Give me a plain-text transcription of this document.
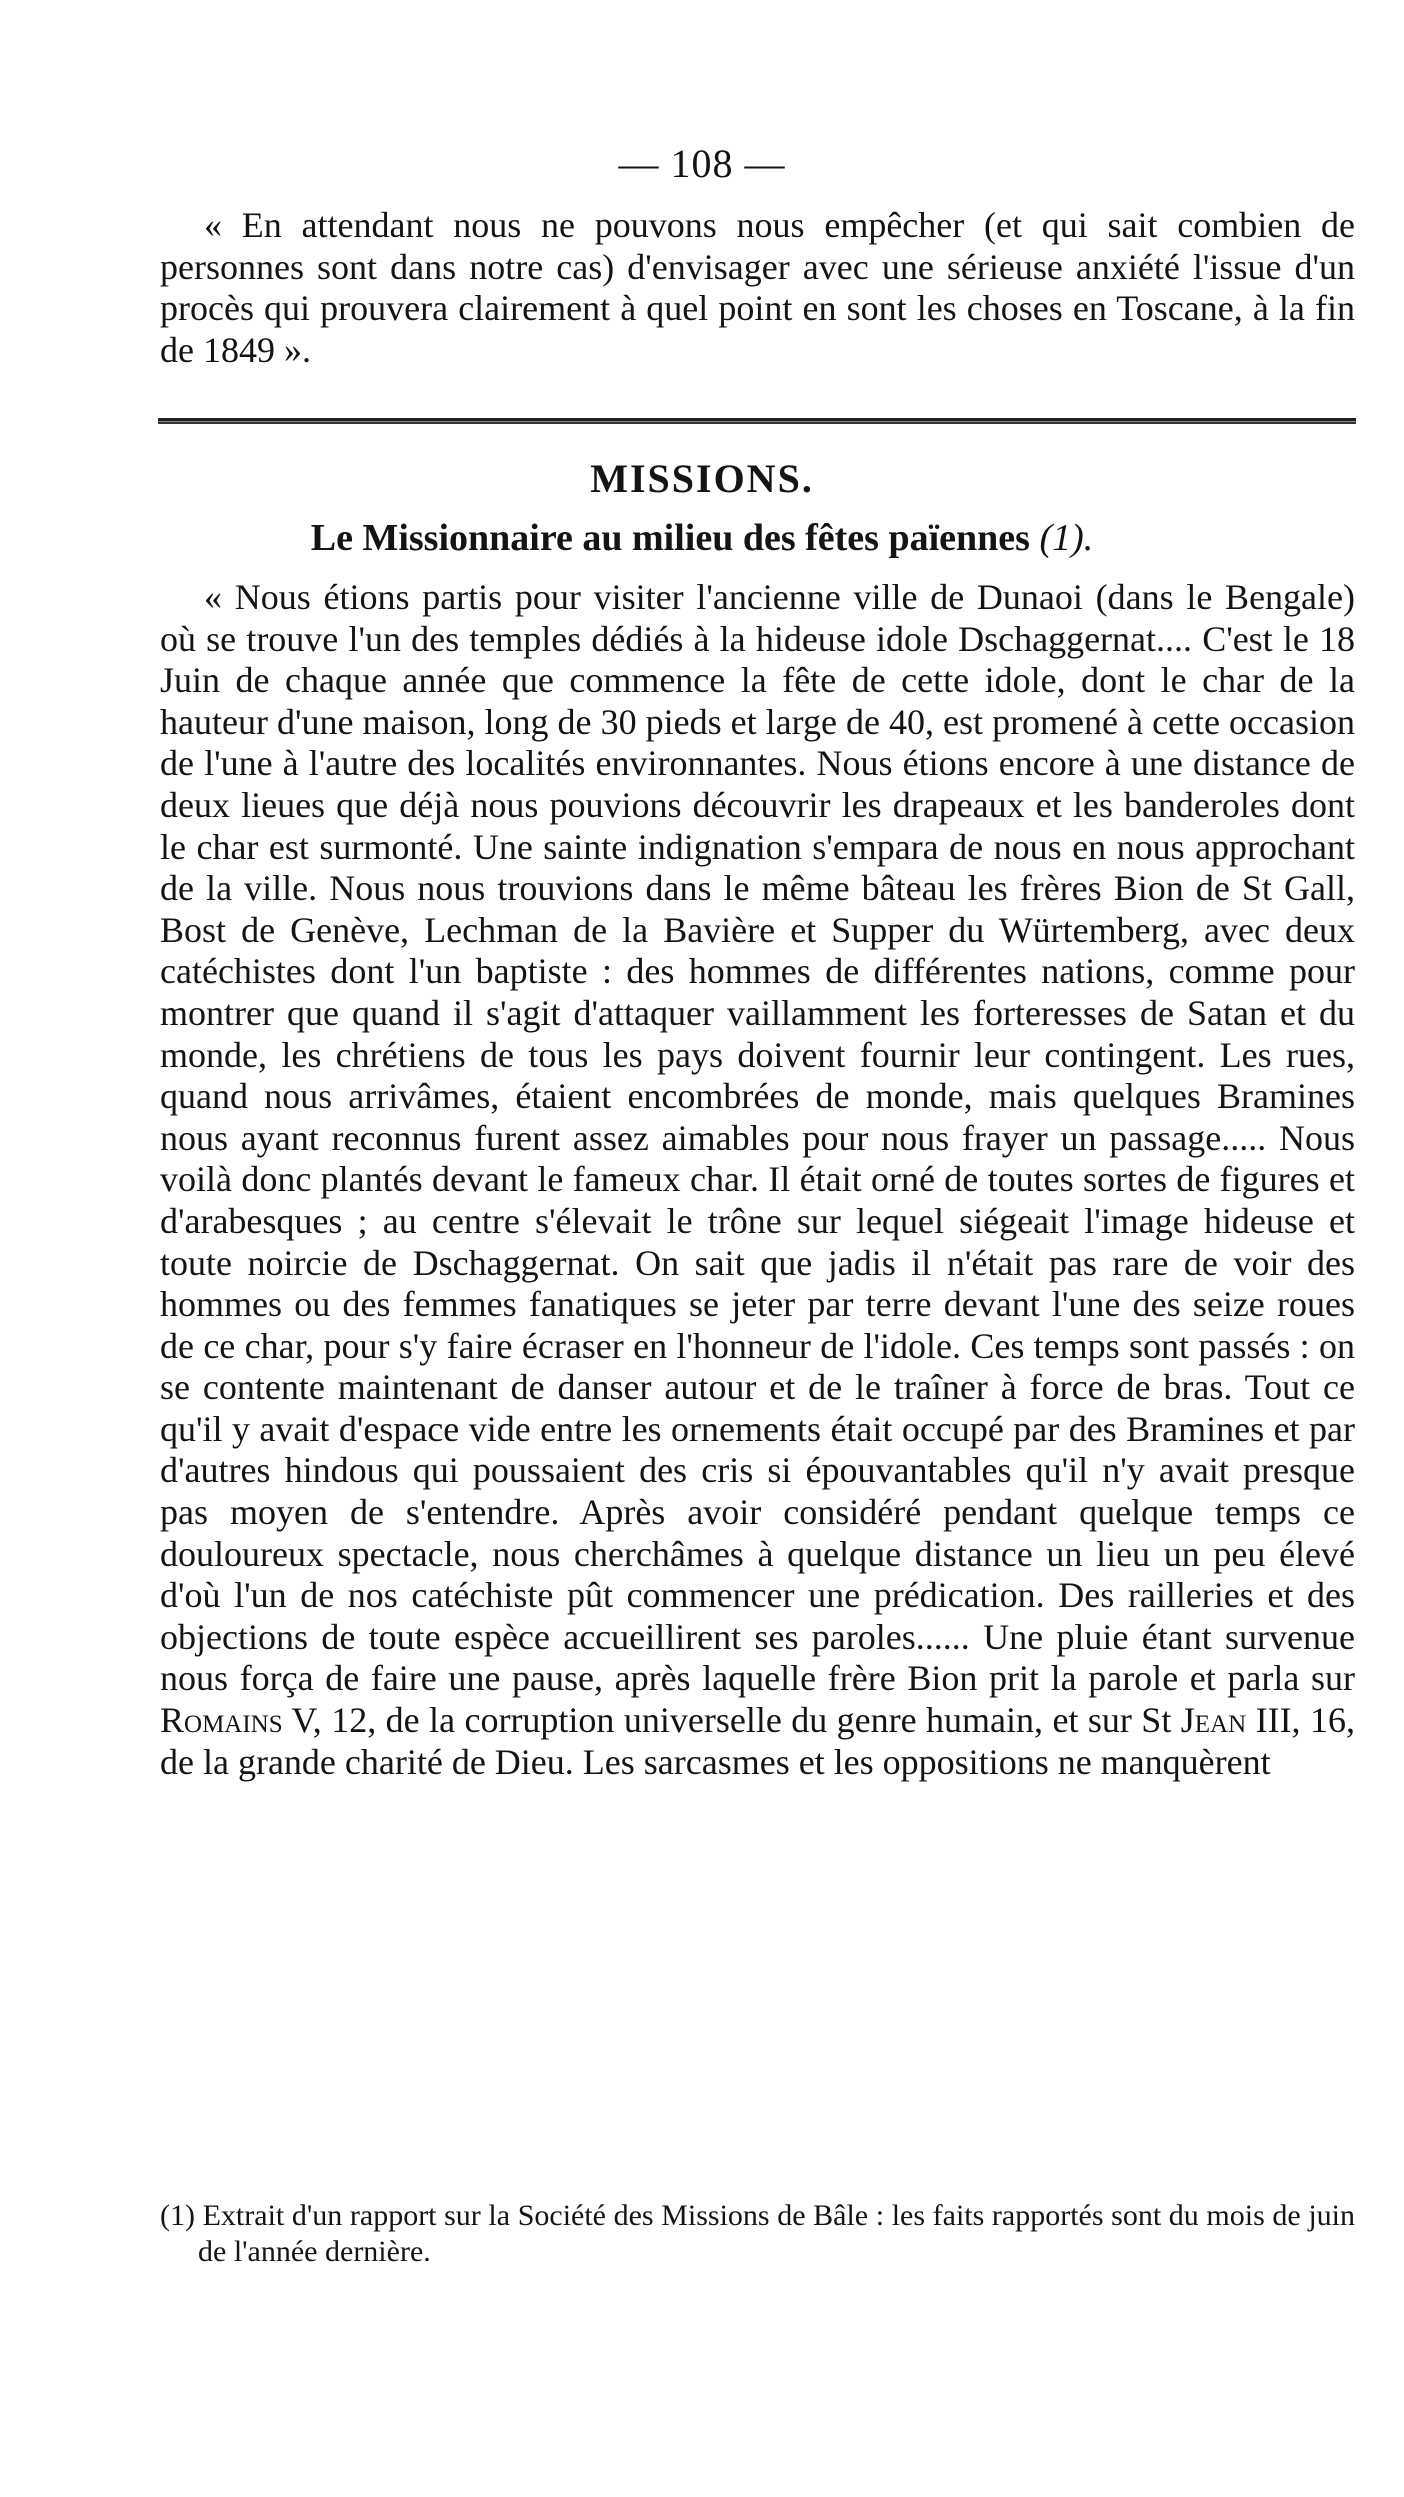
— 108 —

« En attendant nous ne pouvons nous empêcher (et qui sait combien de personnes sont dans notre cas) d'envisager avec une sérieuse anxiété l'issue d'un procès qui prouvera clairement à quel point en sont les choses en Toscane, à la fin de 1849 ».

MISSIONS.
Le Missionnaire au milieu des fêtes païennes (1).

« Nous étions partis pour visiter l'ancienne ville de Dunaoi (dans le Bengale) où se trouve l'un des temples dédiés à la hideuse idole Dschaggernat.... C'est le 18 Juin de chaque année que commence la fête de cette idole, dont le char de la hauteur d'une maison, long de 30 pieds et large de 40, est promené à cette occasion de l'une à l'autre des localités environnantes. Nous étions encore à une distance de deux lieues que déjà nous pouvions découvrir les drapeaux et les banderoles dont le char est surmonté. Une sainte indignation s'empara de nous en nous approchant de la ville. Nous nous trouvions dans le même bâteau les frères Bion de St Gall, Bost de Genève, Lechman de la Bavière et Supper du Würtemberg, avec deux catéchistes dont l'un baptiste : des hommes de différentes nations, comme pour montrer que quand il s'agit d'attaquer vaillamment les forteresses de Satan et du monde, les chrétiens de tous les pays doivent fournir leur contingent. Les rues, quand nous arrivâmes, étaient encombrées de monde, mais quelques Bramines nous ayant reconnus furent assez aimables pour nous frayer un passage..... Nous voilà donc plantés devant le fameux char. Il était orné de toutes sortes de figures et d'arabesques ; au centre s'élevait le trône sur lequel siégeait l'image hideuse et toute noircie de Dschaggernat. On sait que jadis il n'était pas rare de voir des hommes ou des femmes fanatiques se jeter par terre devant l'une des seize roues de ce char, pour s'y faire écraser en l'honneur de l'idole. Ces temps sont passés : on se contente maintenant de danser autour et de le traîner à force de bras. Tout ce qu'il y avait d'espace vide entre les ornements était occupé par des Bramines et par d'autres hindous qui poussaient des cris si épouvantables qu'il n'y avait presque pas moyen de s'entendre. Après avoir considéré pendant quelque temps ce douloureux spectacle, nous cherchâmes à quelque distance un lieu un peu élevé d'où l'un de nos catéchiste pût commencer une prédication. Des railleries et des objections de toute espèce accueillirent ses paroles...... Une pluie étant survenue nous força de faire une pause, après laquelle frère Bion prit la parole et parla sur Romains V, 12, de la corruption universelle du genre humain, et sur St Jean III, 16, de la grande charité de Dieu. Les sarcasmes et les oppositions ne manquèrent

(1) Extrait d'un rapport sur la Société des Missions de Bâle : les faits rapportés sont du mois de juin de l'année dernière.
